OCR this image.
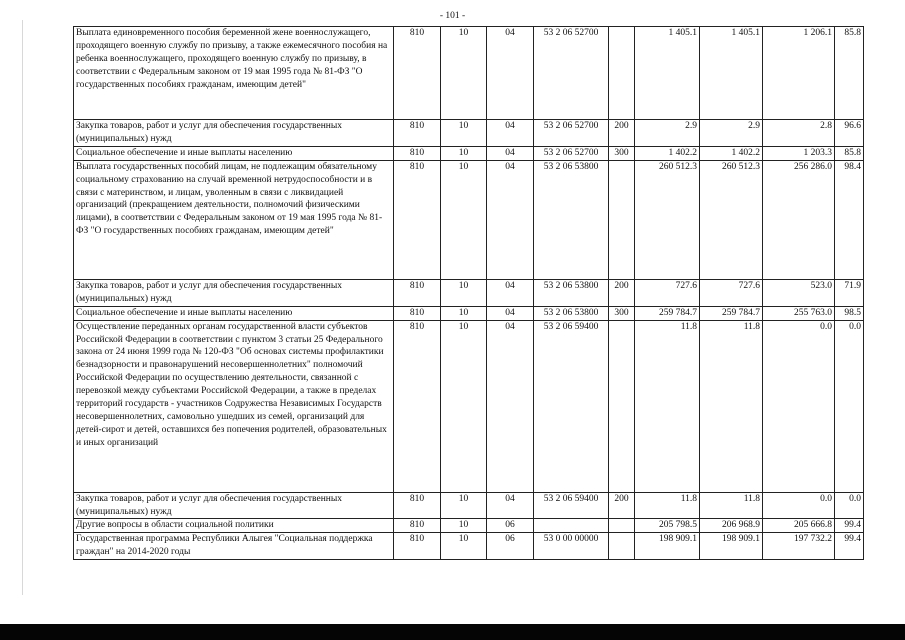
- 101 -
Выплата единовременного пособия беременной жене военнослужащего, проходящего военную службу по призыву, а также ежемесячного пособия на ребенка военнослужащего, проходящего военную службу по призыву, в соответствии с Федеральным законом от 19 мая 1995 года № 81-ФЗ "О государственных пособиях гражданам, имеющим детей"	810	10	04	53 2 06 52700		1 405.1	1 405.1	1 206.1	85.8
Закупка товаров, работ и услуг для обеспечения государственных (муниципальных) нужд	810	10	04	53 2 06 52700	200	2.9	2.9	2.8	96.6
Социальное обеспечение и иные выплаты населению	810	10	04	53 2 06 52700	300	1 402.2	1 402.2	1 203.3	85.8
Выплата государственных пособий лицам, не подлежащим обязательному социальному страхованию на случай временной нетрудоспособности и в связи с материнством, и лицам, уволенным в связи с ликвидацией организаций (прекращением деятельности, полномочий физическими лицами), в соответствии с Федеральным законом от 19 мая 1995 года № 81-ФЗ "О государственных пособиях гражданам, имеющим детей"	810	10	04	53 2 06 53800		260 512.3	260 512.3	256 286.0	98.4
Закупка товаров, работ и услуг для обеспечения государственных (муниципальных) нужд	810	10	04	53 2 06 53800	200	727.6	727.6	523.0	71.9
Социальное обеспечение и иные выплаты населению	810	10	04	53 2 06 53800	300	259 784.7	259 784.7	255 763.0	98.5
Осуществление переданных органам государственной власти субъектов Российской Федерации в соответствии с пунктом 3 статьи 25 Федерального закона от 24 июня 1999 года № 120-ФЗ "Об основах системы профилактики безнадзорности и правонарушений несовершеннолетних" полномочий Российской Федерации по осуществлению деятельности, связанной с перевозкой между субъектами Российской Федерации, а также в пределах территорий государств - участников Содружества Независимых Государств несовершеннолетних, самовольно ушедших из семей, организаций для детей-сирот и детей, оставшихся без попечения родителей, образовательных и иных организаций	810	10	04	53 2 06 59400		11.8	11.8	0.0	0.0
Закупка товаров, работ и услуг для обеспечения государственных (муниципальных) нужд	810	10	04	53 2 06 59400	200	11.8	11.8	0.0	0.0
Другие вопросы в области социальной политики	810	10	06			205 798.5	206 968.9	205 666.8	99.4
Государственная программа Республики Алыгея "Социальная поддержка граждан" на 2014-2020 годы	810	10	06	53 0 00 00000		198 909.1	198 909.1	197 732.2	99.4
